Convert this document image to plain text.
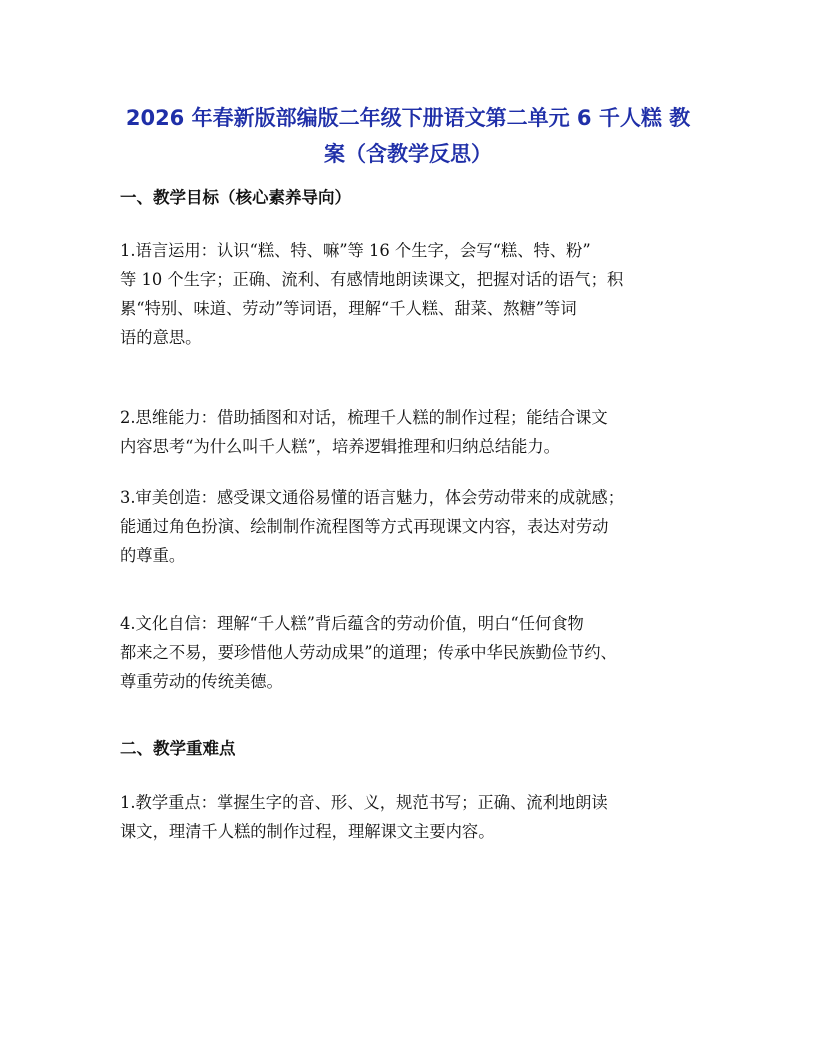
2026 年春新版部编版二年级下册语文第二单元 6 千人糕 教
案（含教学反思）
一、教学目标（核心素养导向）

1.语言运用：认识“糕、特、嘛”等 16 个生字，会写“糕、特、粉”
等 10 个生字；正确、流利、有感情地朗读课文，把握对话的语气；积
累“特别、味道、劳动”等词语，理解“千人糕、甜菜、熬糖”等词
语的意思。

2.思维能力：借助插图和对话，梳理千人糕的制作过程；能结合课文
内容思考“为什么叫千人糕”，培养逻辑推理和归纳总结能力。

3.审美创造：感受课文通俗易懂的语言魅力，体会劳动带来的成就感；
能通过角色扮演、绘制制作流程图等方式再现课文内容，表达对劳动
的尊重。

4.文化自信：理解“千人糕”背后蕴含的劳动价值，明白“任何食物
都来之不易，要珍惜他人劳动成果”的道理；传承中华民族勤俭节约、
尊重劳动的传统美德。

二、教学重难点

1.教学重点：掌握生字的音、形、义，规范书写；正确、流利地朗读
课文，理清千人糕的制作过程，理解课文主要内容。
